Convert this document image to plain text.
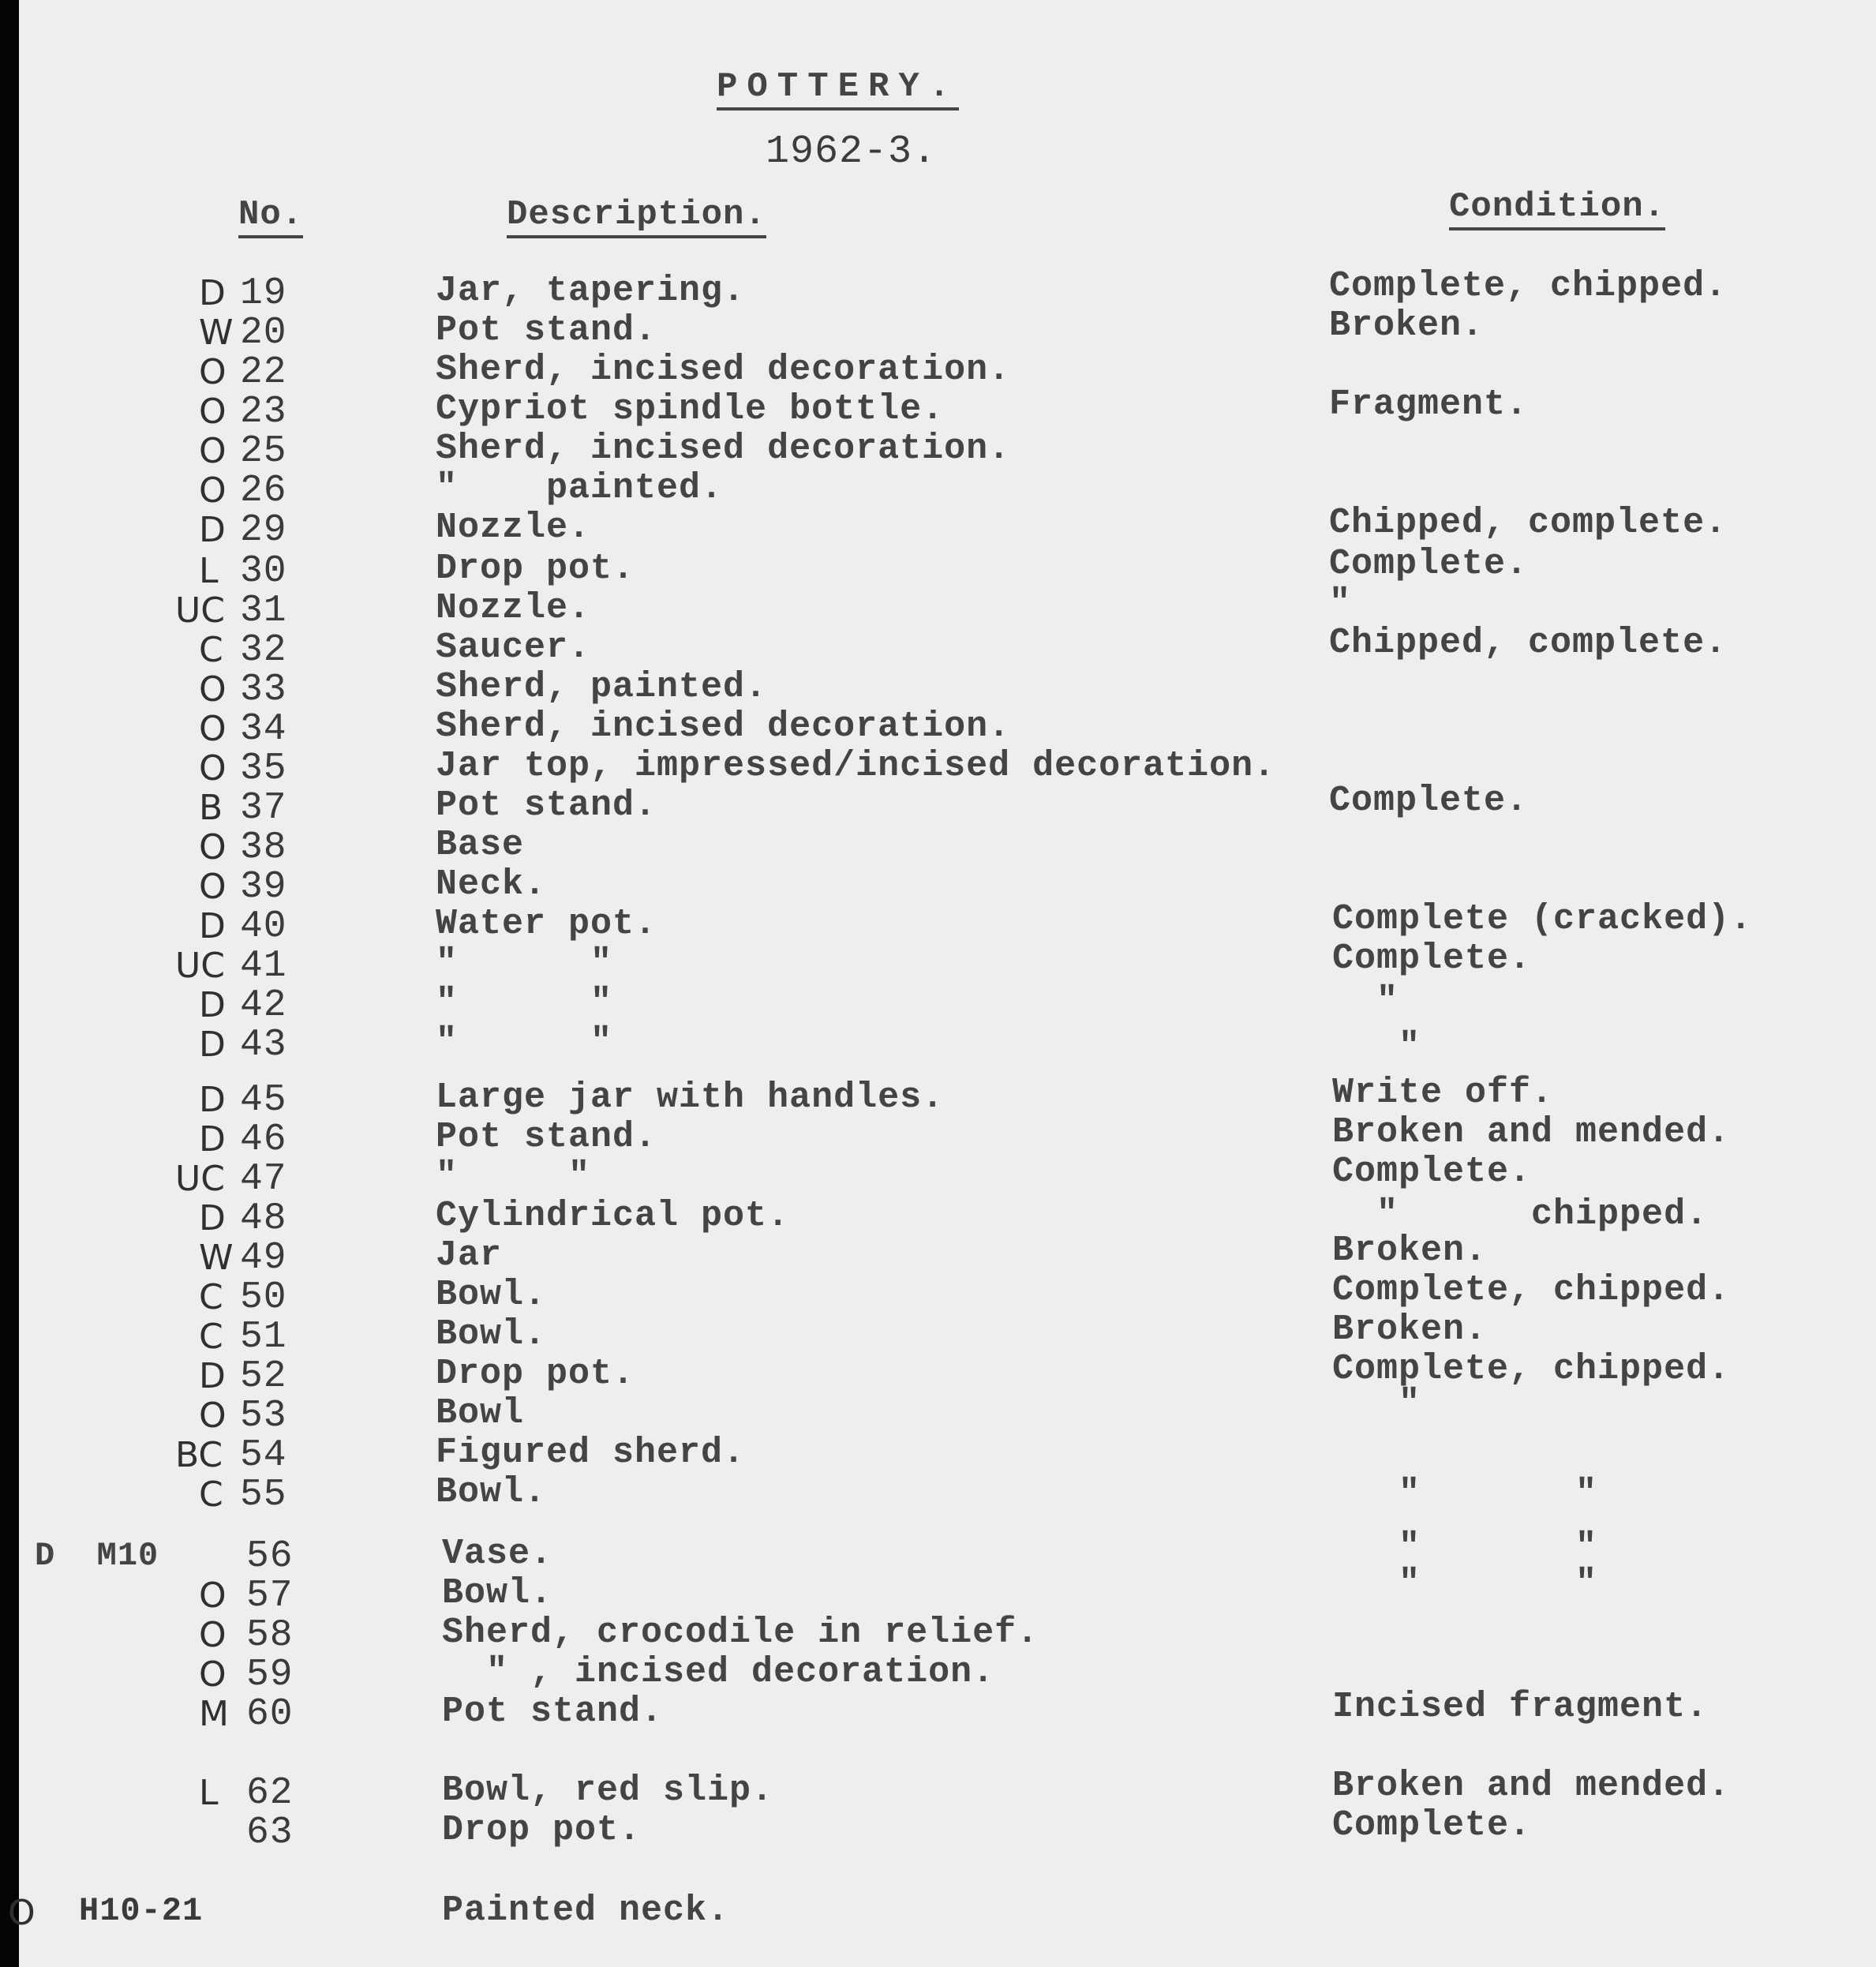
POTTERY.
1962-3.
No.	Description.	Condition.
D 19	Jar, tapering.	Complete, chipped.
W 20	Pot stand.	Broken.
O 22	Sherd, incised decoration.
O 23	Cypriot spindle bottle.	Fragment.
O 25	Sherd, incised decoration.
O 26	"    painted.
D 29	Nozzle.	Chipped, complete.
L 30	Drop pot.	Complete.
UC 31	Nozzle.	"
C 32	Saucer.	Chipped, complete.
O 33	Sherd, painted.
O 34	Sherd, incised decoration.
O 35	Jar top, impressed/incised decoration.
B 37	Pot stand.	Complete.
O 38	Base
O 39	Neck.
D 40	Water pot.	Complete (cracked).
UC 41	"      "	Complete.
D 42	"      "	"
D 43	"      "	"
D 45	Large jar with handles.	Write off.
D 46	Pot stand.	Broken and mended.
UC 47	"     "	Complete.
D 48	Cylindrical pot.	"      chipped.
W 49	Jar	Broken.
C 50	Bowl.	Complete, chipped.
C 51	Bowl.	Broken.
D 52	Drop pot.	Complete, chipped.
O 53	Bowl	"
BC 54	Figured sherd.
C 55	Bowl.	"       "
D  M10 56	Vase.	"       "
O 57	Bowl.	"       "
O 58	Sherd, crocodile in relief.
O 59	" , incised decoration.
M 60	Pot stand.	Incised fragment.
L 62	Bowl, red slip.	Broken and mended.
63	Drop pot.	Complete.
O H10-21	Painted neck.
